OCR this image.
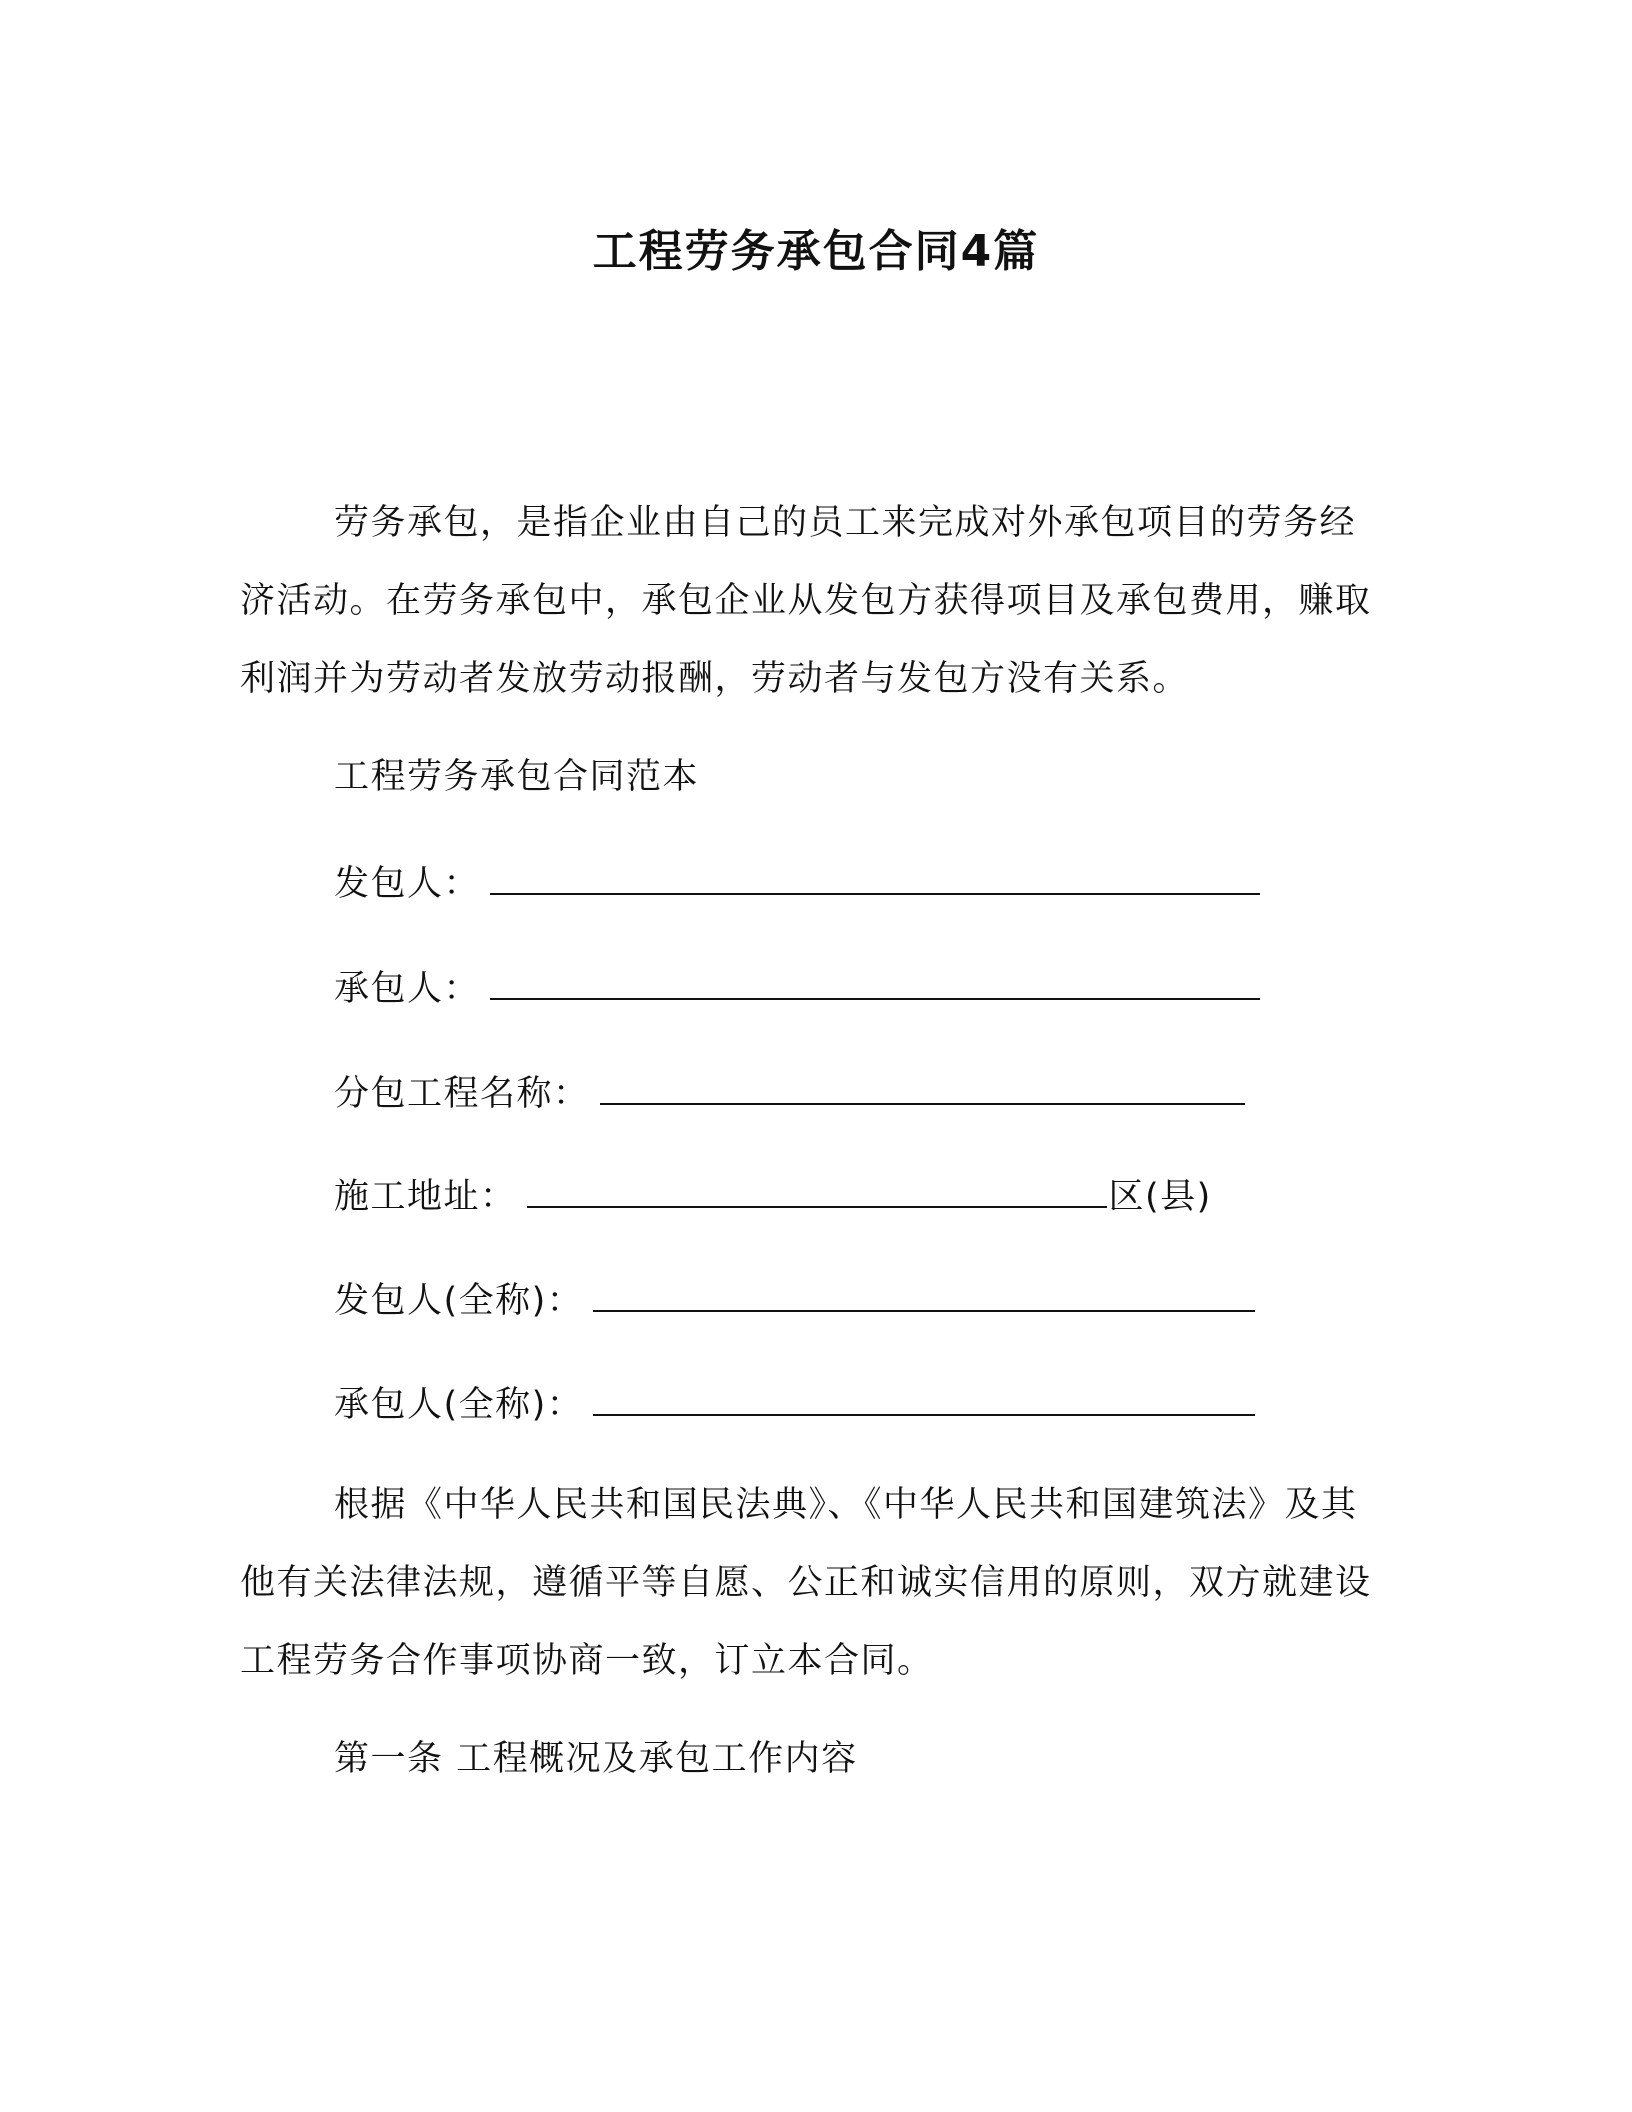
工程劳务承包合同4篇

劳务承包，是指企业由自己的员工来完成对外承包项目的劳务经济活动。在劳务承包中，承包企业从发包方获得项目及承包费用，赚取利润并为劳动者发放劳动报酬，劳动者与发包方没有关系。

工程劳务承包合同范本
发包人：
承包人：
分包工程名称：
施工地址：	区(县)
发包人(全称)：
承包人(全称)：

根据《中华人民共和国民法典》、《中华人民共和国建筑法》及其他有关法律法规，遵循平等自愿、公正和诚实信用的原则，双方就建设工程劳务合作事项协商一致，订立本合同。

第一条 工程概况及承包工作内容
